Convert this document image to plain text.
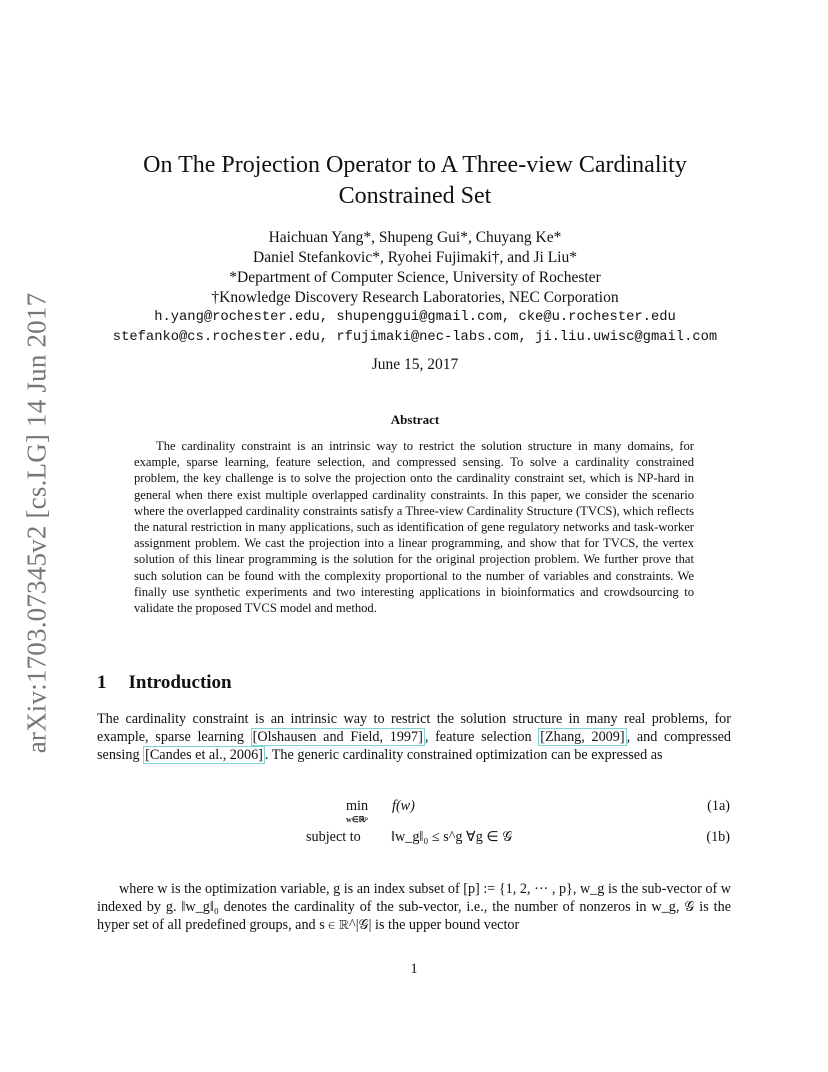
arXiv:1703.07345v2 [cs.LG] 14 Jun 2017
On The Projection Operator to A Three-view Cardinality
Constrained Set
Haichuan Yang*, Shupeng Gui*, Chuyang Ke*
Daniel Stefankovic*, Ryohei Fujimaki†, and Ji Liu*
*Department of Computer Science, University of Rochester
†Knowledge Discovery Research Laboratories, NEC Corporation
h.yang@rochester.edu, shupenggui@gmail.com, cke@u.rochester.edu
stefanko@cs.rochester.edu, rfujimaki@nec-labs.com, ji.liu.uwisc@gmail.com
June 15, 2017
Abstract

The cardinality constraint is an intrinsic way to restrict the solution structure in many domains, for example, sparse learning, feature selection, and compressed sensing. To solve a cardinality constrained problem, the key challenge is to solve the projection onto the cardinality constraint set, which is NP-hard in general when there exist multiple overlapped cardinality constraints. In this paper, we consider the scenario where the overlapped cardinality constraints satisfy a Three-view Cardinality Structure (TVCS), which reflects the natural restriction in many applications, such as identification of gene regulatory networks and task-worker assignment problem. We cast the projection into a linear programming, and show that for TVCS, the vertex solution of this linear programming is the solution for the original projection problem. We further prove that such solution can be found with the complexity proportional to the number of variables and constraints. We finally use synthetic experiments and two interesting applications in bioinformatics and crowdsourcing to validate the proposed TVCS model and method.

1 Introduction

The cardinality constraint is an intrinsic way to restrict the solution structure in many real problems, for example, sparse learning [Olshausen and Field, 1997] , feature selection [Zhang, 2009] , and compressed sensing [Candes et al., 2006] . The generic cardinality constrained optimization can be expressed as

min
w∈ℝᵖ
f(w)	(1a)
subject to ‖w_g‖₀ ≤ s^g ∀g ∈ 𝒢	(1b)

where w is the optimization variable, g is an index subset of [p] := {1, 2, ··· , p}, w_g is the sub-vector of w indexed by g. ‖w_g‖₀ denotes the cardinality of the sub-vector, i.e., the number of nonzeros in w_g, 𝒢 is the hyper set of all predefined groups, and s ∈ ℝ^|𝒢| is the upper bound vector

1
